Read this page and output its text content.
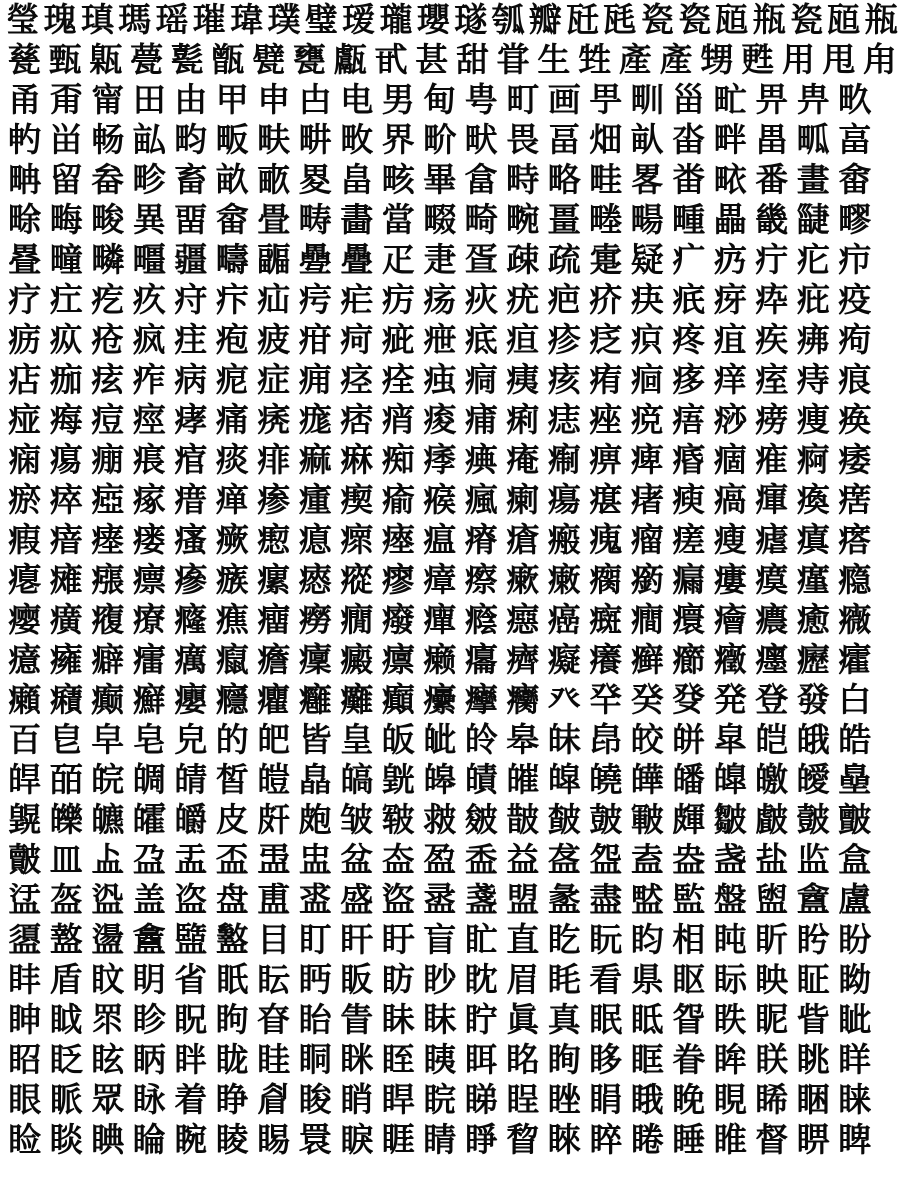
瑩 瑰 瑱 瑪 瑶 璀 瑋 璞 璧 瑷 瓏 瓔 璲 瓠 瓣 瓩 瓱 瓷 瓷 瓸 瓶 瓷 瓸 瓶
甆 甄 甈 甍 甏 甑 甓 甕 甗 甙 甚 甜 甞 生 甡 產 產 甥 甦 用 甩 甪
甬 甭 甯 田 由 甲 申 甴 电 男 甸 甹 町 画 甼 甽 甾 甿 畀 畁 畂
畃 畄 畅 畆 畇 畈 畉 畊 畋 界 畍 畎 畏 畐 畑 畒 畓 畔 畕 畖 畗
畘 留 畚 畛 畜 畝 畞 畟 畠 畡 畢 畣 畤 略 畦 畧 畨 畩 番 畫 畬
畭 畮 畯 異 畱 畲 畳 畴 畵 當 畷 畸 畹 畺 畻 畼 畽 畾 畿 疀 疁
疂 疃 疄 疅 疆 疇 疈 疉 疊 疋 疌 疍 疎 疏 疐 疑 疒 疓 疔 疕 疖
疗 疘 疙 疚 疛 疜 疝 疞 疟 疠 疡 疢 疣 疤 疥 疦 疧 疨 疩 疪 疫
疬 疭 疮 疯 疰 疱 疲 疳 疴 疵 疶 疷 疸 疹 疺 疻 疼 疽 疾 疿 痀
痁 痂 痃 痄 病 痆 症 痈 痉 痊 痋 痌 痍 痎 痏 痐 痑 痒 痓 痔 痕
痖 痗 痘 痙 痚 痛 痜 痝 痞 痟 痠 痡 痢 痣 痤 痥 痦 痧 痨 痩 痪
痫 痬 痭 痮 痯 痰 痱 痲 痳 痴 痵 痶 痷 痸 痹 痺 痻 痼 痽 痾 痿
瘀 瘁 瘂 瘃 瘄 瘅 瘆 瘇 瘈 瘉 瘊 瘋 瘌 瘍 瘎 瘏 瘐 瘑 瘒 瘓 瘔
瘕 瘖 瘗 瘘 瘙 瘚 瘛 瘜 瘝 瘞 瘟 瘠 瘡 瘢 瘣 瘤 瘥 瘦 瘧 瘨 瘩
瘪 瘫 瘬 瘭 瘮 瘯 瘰 瘱 瘲 瘳 瘴 瘵 瘶 瘷 瘸 瘹 瘺 瘻 瘼 瘽 瘾
瘿 癀 癁 療 癃 癄 癅 癆 癇 癈 癉 癊 癋 癌 癍 癎 癏 癐 癑 癒 癓
癔 癕 癖 癗 癘 癙 癚 癛 癜 癝 癞 癟 癠 癡 癢 癣 癤 癥 癦 癧 癨
癩 癪 癫 癬 癭 癮 癯 癰 癱 癲 癳 癴 癵 癶 癷 癸 癹 発 登 發 白
百 皀 皁 皂 皃 的 皅 皆 皇 皈 皉 皊 皋 皌 皍 皎 皏 皐 皑 皒 皓
皔 皕 皖 皗 皘 皙 皚 皛 皜 皝 皞 皟 皠 皡 皢 皣 皤 皥 皦 皧 皨
皩 皪 皫 皬 皭 皮 皯 皰 皱 皲 皳 皴 皵 皶 皷 皸 皹 皺 皻 皼 皽
皾 皿 盀 盁 盂 盃 盄 盅 盆 盇 盈 盉 益 盋 盌 盍 盎 盏 盐 监 盒
盓 盔 盕 盖 盗 盘 盙 盚 盛 盜 盝 盞 盟 盠 盡 盢 監 盤 盥 盦 盧
盨 盩 盪 盫 盬 盭 目 盯 盰 盱 盲 盳 直 盵 盶 盷 相 盹 盺 盻 盼
盽 盾 盿 眀 省 眂 眃 眄 眅 眆 眇 眈 眉 眊 看 県 眍 眎 眏 眐 眑
眒 眓 眔 眕 眖 眗 眘 眙 眚 眛 眜 眝 眞 真 眠 眡 眢 眣 眤 眥 眦
眧 眨 眩 眪 眫 眬 眭 眮 眯 眰 眱 眲 眳 眴 眵 眶 眷 眸 眹 眺 眻
眼 眽 眾 眿 着 睁 睂 睃 睄 睅 睆 睇 睈 睉 睊 睋 睌 睍 睎 睏 睐
睑 睒 睓 睔 睕 睖 睗 睘 睙 睚 睛 睜 睝 睞 睟 睠 睡 睢 督 睤 睥
